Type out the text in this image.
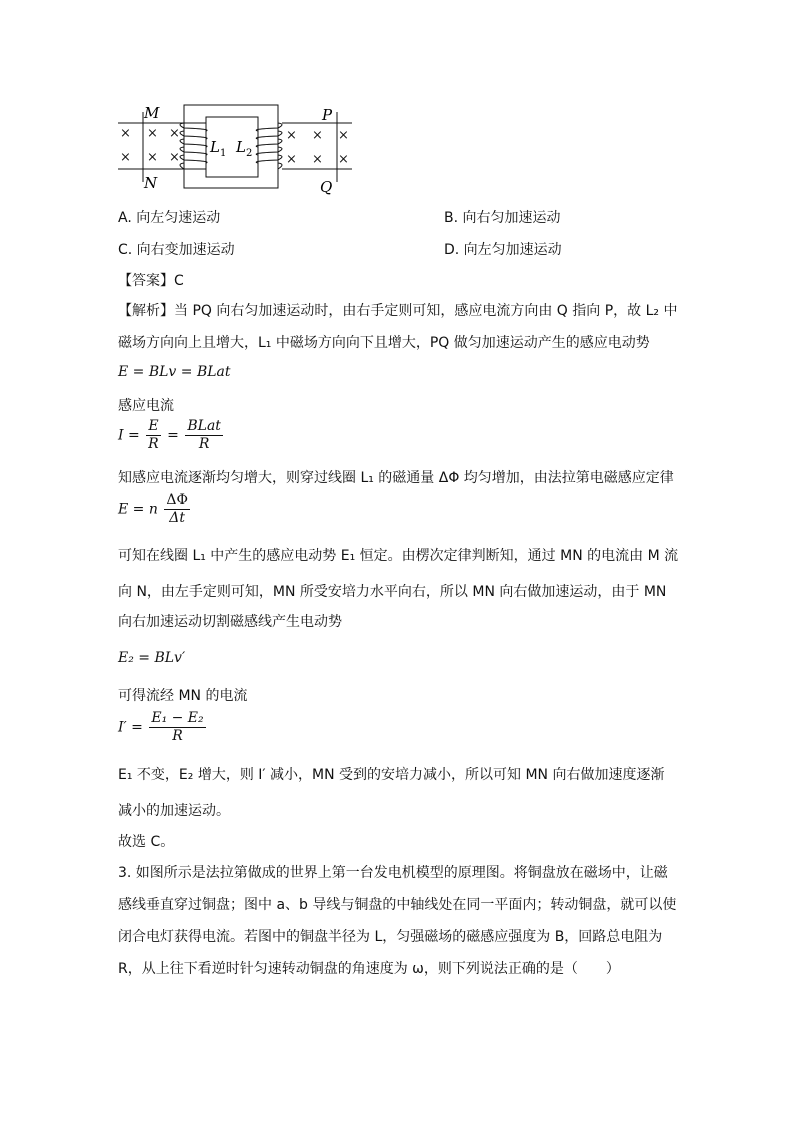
× × ×
× × ×
× × ×
× × ×
M
N
P
Q
$L_1$ $L_2$
A. 向左匀速运动	B. 向右匀加速运动
C. 向右变加速运动	D. 向左匀加速运动
【答案】C
【解析】当 PQ 向右匀加速运动时，由右手定则可知，感应电流方向由 Q 指向 P，故 L₂ 中
磁场方向向上且增大，L₁ 中磁场方向向下且增大，PQ 做匀加速运动产生的感应电动势
E = BLv = BLat
感应电流
$I = \frac{E}{R} = \frac{\text{BLat}}{R}$
知感应电流逐渐均匀增大，则穿过线圈 L₁ 的磁通量 ΔΦ 均匀增加，由法拉第电磁感应定律
E = n $\frac{\Delta\Phi}{\Delta t}$
可知在线圈 L₁ 中产生的感应电动势 E₁ 恒定。由楞次定律判断知，通过 MN 的电流由 M 流
向 N，由左手定则可知，MN 所受安培力水平向右，所以 MN 向右做加速运动，由于 MN
向右加速运动切割磁感线产生电动势
E₂ = BLv′
可得流经 MN 的电流
$I' = \frac{\text{E₁ − E₂}}{R}$
E₁ 不变，E₂ 增大，则 I′ 减小，MN 受到的安培力减小，所以可知 MN 向右做加速度逐渐
减小的加速运动。
故选 C。
3. 如图所示是法拉第做成的世界上第一台发电机模型的原理图。将铜盘放在磁场中，让磁
感线垂直穿过铜盘；图中 a、b 导线与铜盘的中轴线处在同一平面内；转动铜盘，就可以使
闭合电灯获得电流。若图中的铜盘半径为 L，匀强磁场的磁感应强度为 B，回路总电阻为
R，从上往下看逆时针匀速转动铜盘的角速度为 ω，则下列说法正确的是（　　）
